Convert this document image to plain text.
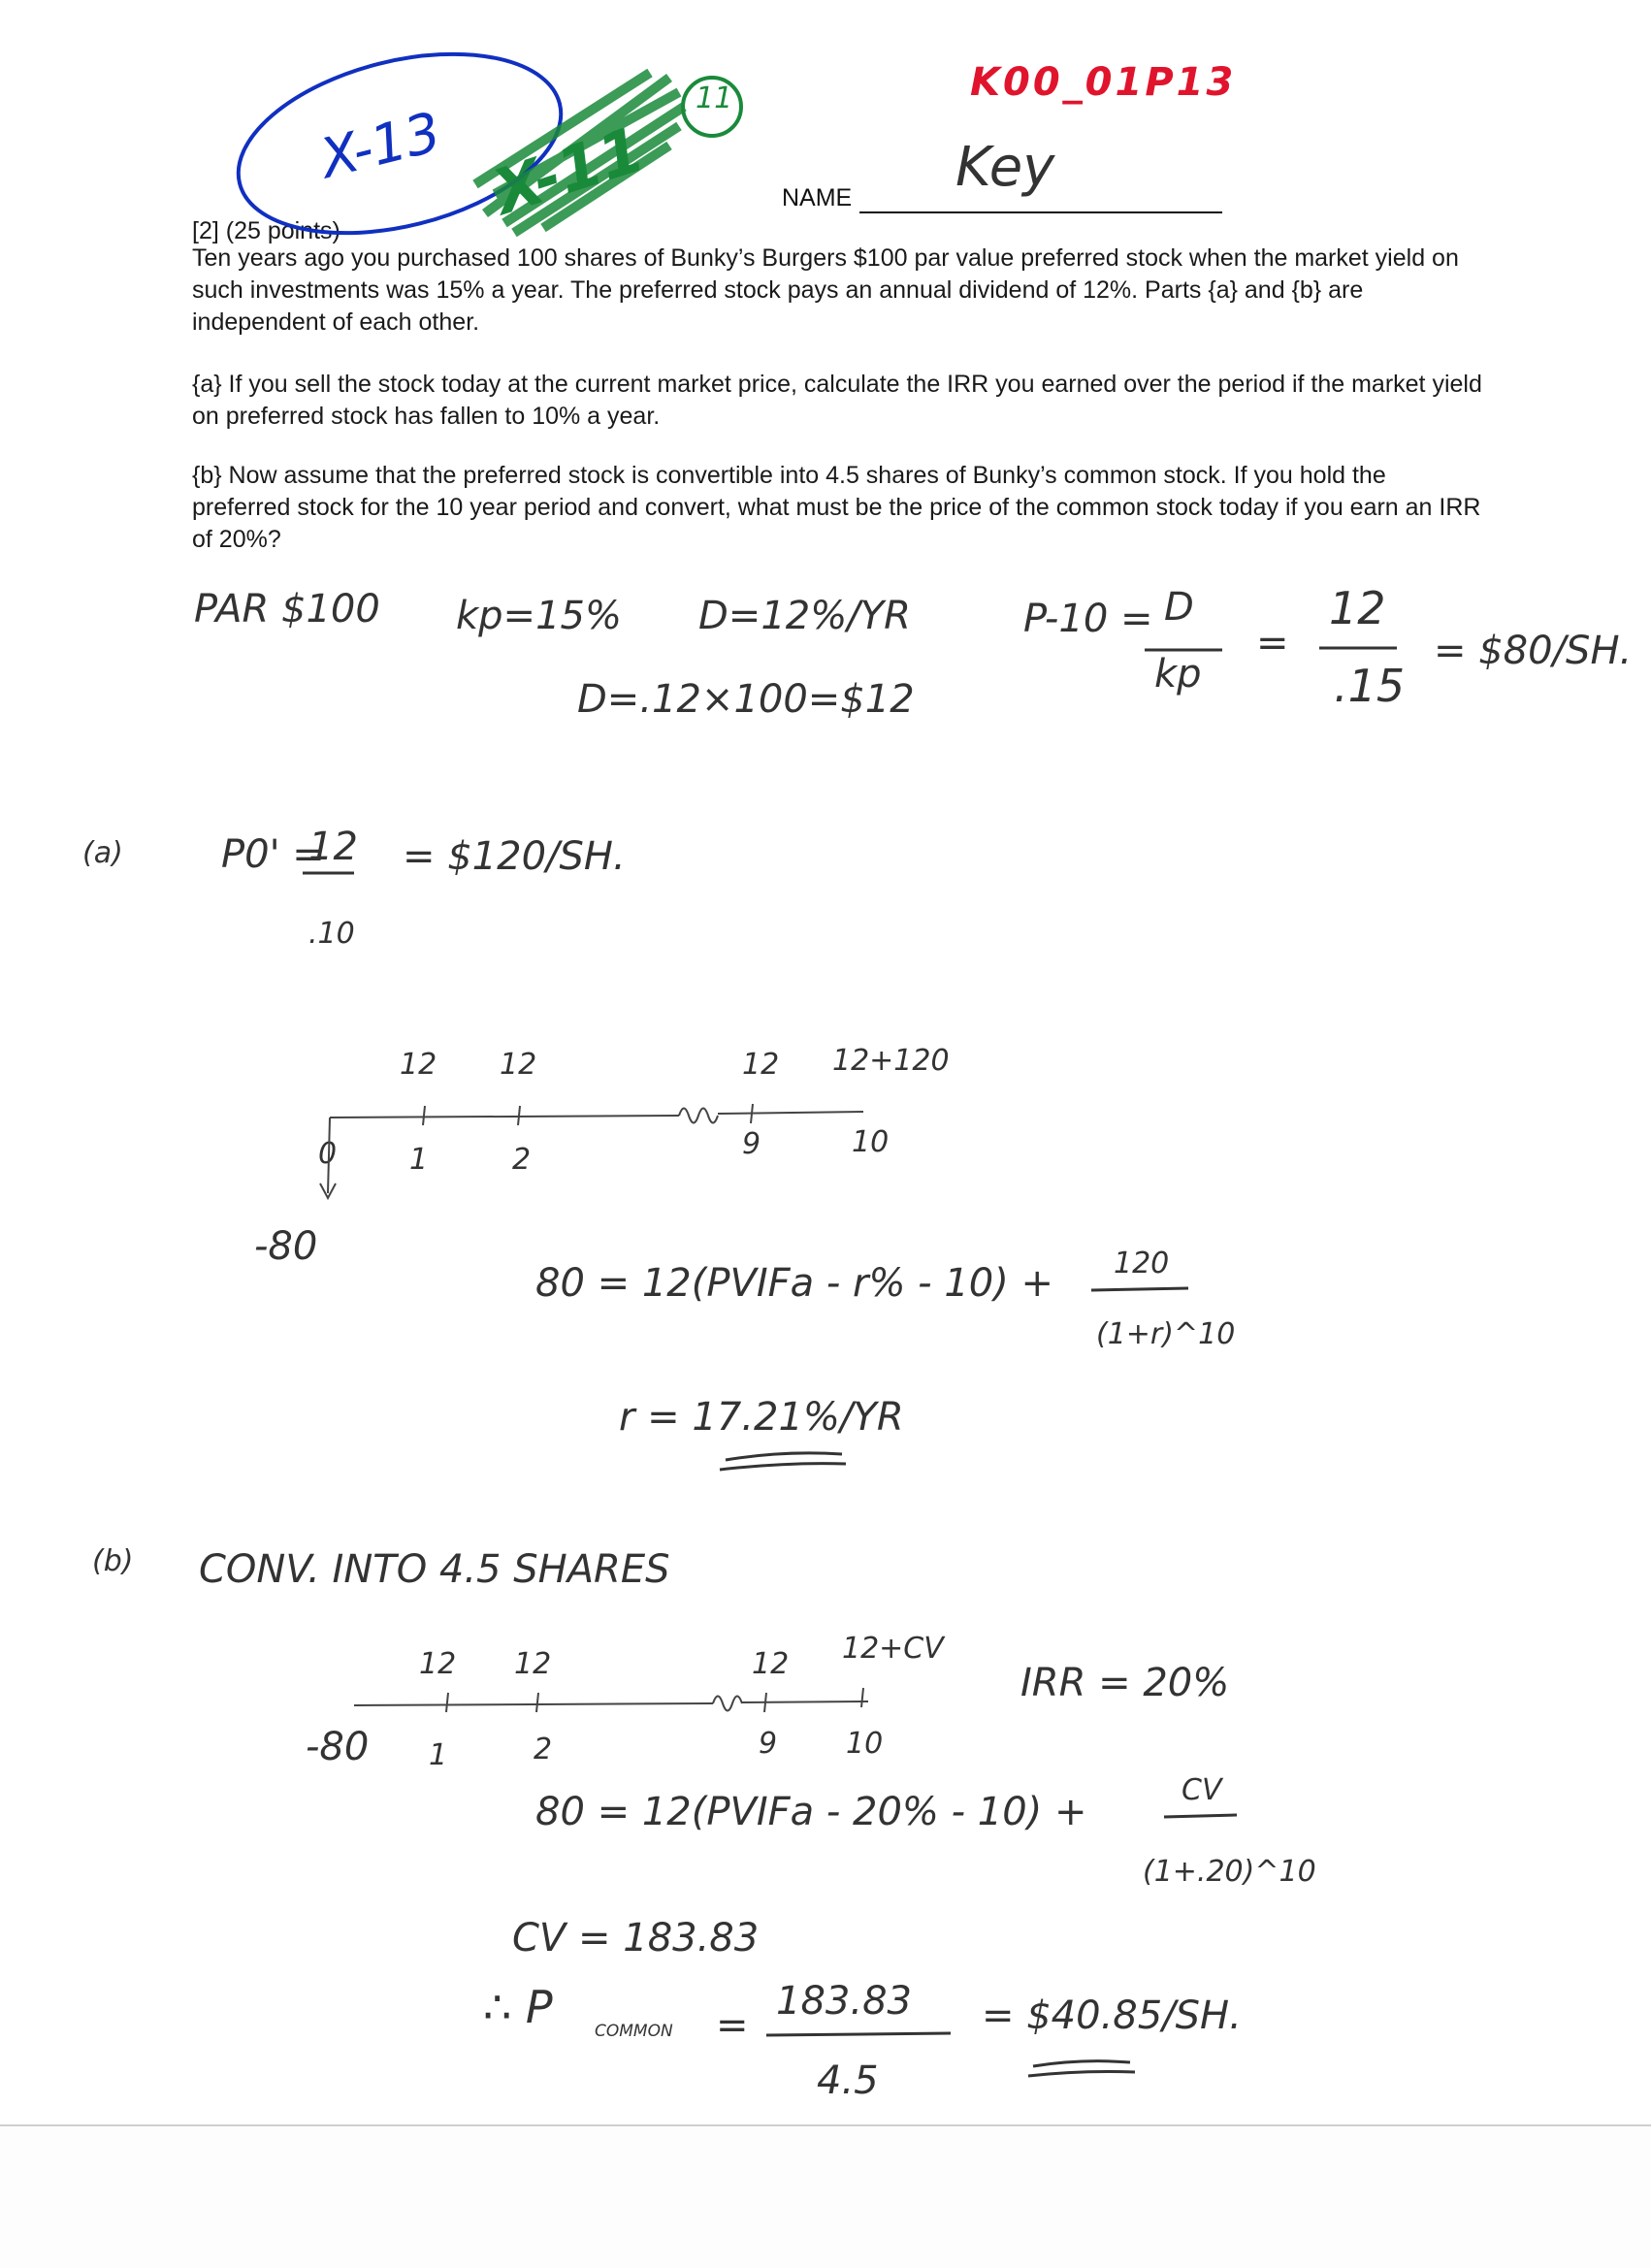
K00_01P13
X-13 X-11
11
NAME Key
[2] (25 points)
Ten years ago you purchased 100 shares of Bunky’s Burgers $100 par value preferred stock when the market yield on such investments was 15% a year. The preferred stock pays an annual dividend of 12%. Parts {a} and {b} are independent of each other.
{a} If you sell the stock today at the current market price, calculate the IRR you earned over the period if the market yield on preferred stock has fallen to 10% a year.
{b} Now assume that the preferred stock is convertible into 4.5 shares of Bunky’s common stock. If you hold the preferred stock for the 10 year period and convert, what must be the price of the common stock today if you earn an IRR of 20%?
PAR $100 kp=15% D=12%/YR	P-10 = D
kp
=
12
.15
= $80/SH.
D=.12×100=$12
(a)	P0' =
12
.10
= $120/SH.
12 12	12 12+120
0 1	2	9	10
-80
80 = 12(PVIFa - r% - 10) + 120
(1+r)^10
r = 17.21%/YR
(b) CONV. INTO 4.5 SHARES
12 12	12 12+CV
1	2	9 10
-80
IRR = 20%
80 = 12(PVIFa - 20% - 10) +	CV
(1+.20)^10
CV = 183.83
∴ P	COMMON =
183.83
4.5
= $40.85/SH.
